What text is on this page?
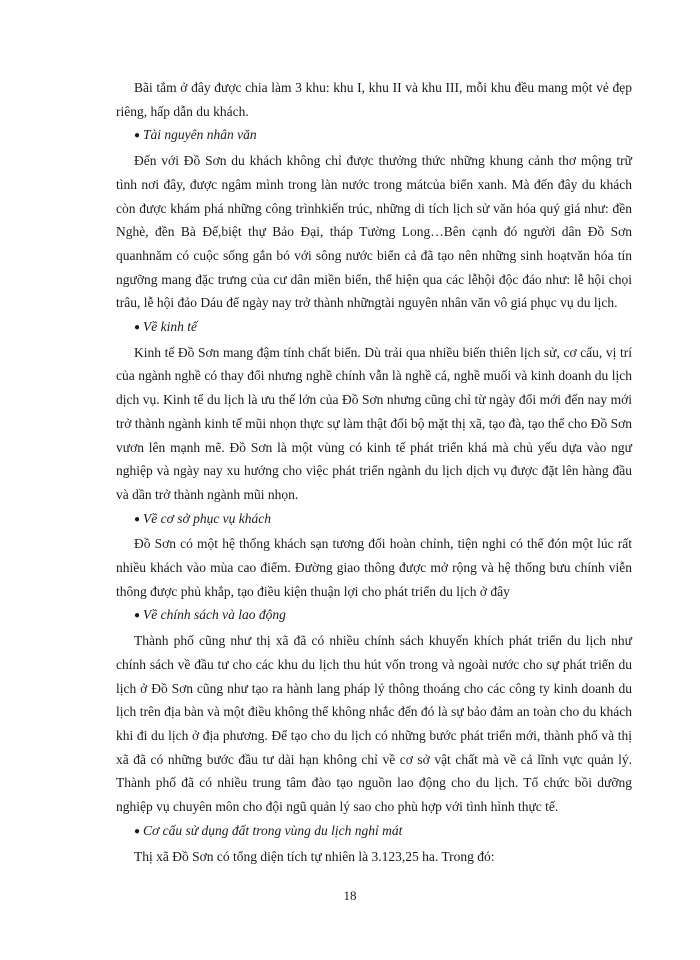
Bãi tắm ở đây được chia làm 3 khu: khu I, khu II và khu III, mỗi khu đều mang một vẻ đẹp riêng, hấp dẫn du khách.

● Tài nguyên nhân văn

Đến với Đồ Sơn du khách không chỉ được thưởng thức những khung cảnh thơ mộng trữ tình nơi đây, được ngâm mình trong làn nước trong mátcủa biển xanh. Mà đến đây du khách còn được khám phá những công trìnhkiến trúc, những di tích lịch sử văn hóa quý giá như: đền Nghè, đền Bà Đế,biệt thự Bảo Đại, tháp Tường Long…Bên cạnh đó người dân Đồ Sơn quanhnăm có cuộc sống gắn bó với sông nước biển cả đã tạo nên những sinh hoạtvăn hóa tín ngưỡng mang đặc trưng của cư dân miền biển, thể hiện qua các lễhội độc đáo như: lễ hội chọi trâu, lễ hội đảo Dáu để ngày nay trở thành nhữngtài nguyên nhân văn vô giá phục vụ du lịch.

● Về kinh tế

Kinh tế Đồ Sơn mang đậm tính chất biển. Dù trải qua nhiều biến thiên lịch sử, cơ cấu, vị trí của ngành nghề có thay đổi nhưng nghề chính vẫn là nghề cá, nghề muối và kinh doanh du lịch dịch vụ. Kinh tế du lịch là ưu thế lớn của Đồ Sơn nhưng cũng chỉ từ ngày đổi mới đến nay mới trở thành ngành kinh tế mũi nhọn thực sự làm thật đổi bộ mặt thị xã, tạo đà, tạo thế cho Đồ Sơn vươn lên mạnh mẽ. Đồ Sơn là một vùng có kinh tế phát triển khá mà chủ yếu dựa vào ngư nghiệp và ngày nay xu hướng cho việc phát triển ngành du lịch dịch vụ được đặt lên hàng đầu và dần trở thành ngành mũi nhọn.

● Về cơ sở phục vụ khách

Đồ Sơn có một hệ thống khách sạn tương đối hoàn chỉnh, tiện nghi có thể đón một lúc rất nhiều khách vào mùa cao điểm. Đường giao thông được mở rộng và hệ thống bưu chính viễn thông được phủ khắp, tạo điều kiện thuận lợi cho phát triển du lịch ở đây

● Về chính sách và lao động

Thành phố cũng như thị xã đã có nhiều chính sách khuyến khích phát triển du lịch như chính sách về đầu tư cho các khu du lịch thu hút vốn trong và ngoài nước cho sự phát triển du lịch ở Đồ Sơn cũng như tạo ra hành lang pháp lý thông thoáng cho các công ty kinh doanh du lịch trên địa bàn và một điều không thể không nhắc đến đó là sự bảo đảm an toàn cho du khách khi đi du lịch ở địa phương. Để tạo cho du lịch có những bước phát triển mới, thành phố và thị xã đã có những bước đầu tư dài hạn không chỉ về cơ sở vật chất mà về cả lĩnh vực quản lý. Thành phố đã có nhiều trung tâm đào tạo nguồn lao động cho du lịch. Tổ chức bồi dưỡng nghiệp vụ chuyên môn cho đội ngũ quản lý sao cho phù hợp với tình hình thực tế.

● Cơ cấu sử dụng đất trong vùng du lịch nghỉ mát

Thị xã Đồ Sơn có tổng diện tích tự nhiên là 3.123,25 ha. Trong đó:

18
